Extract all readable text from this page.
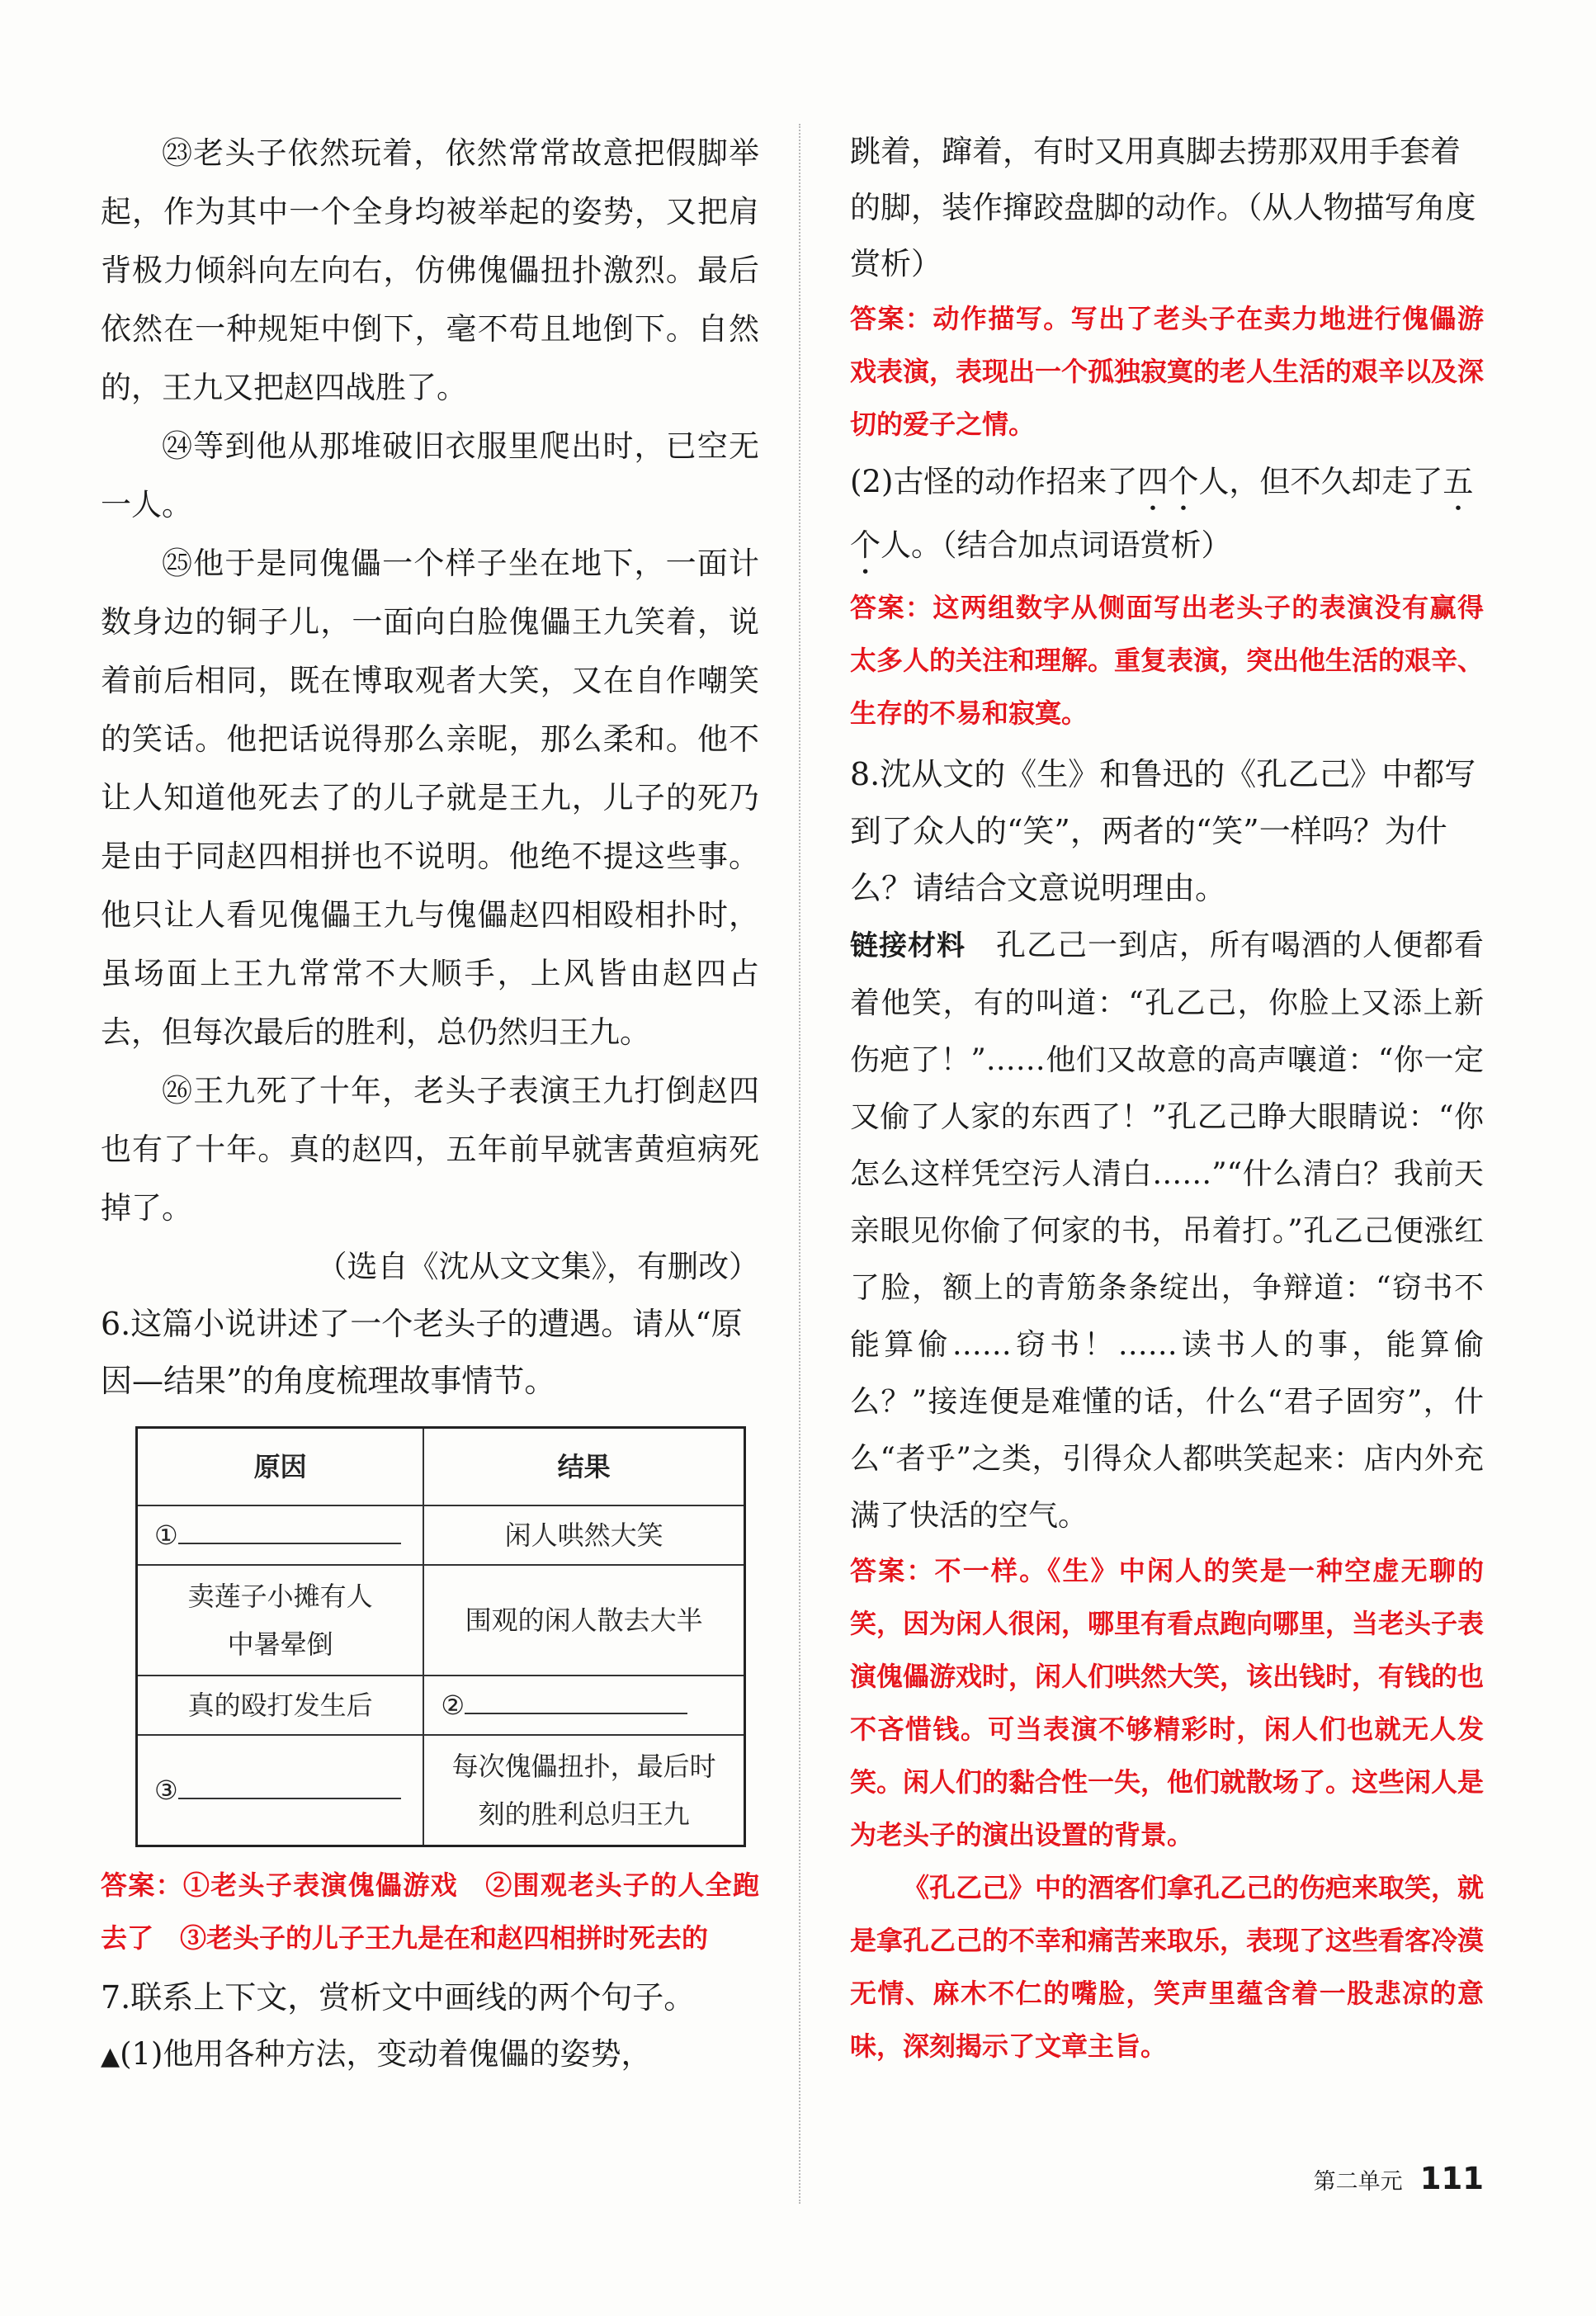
㉓老头子依然玩着，依然常常故意把假脚举起，作为其中一个全身均被举起的姿势，又把肩背极力倾斜向左向右，仿佛傀儡扭扑激烈。最后依然在一种规矩中倒下，毫不苟且地倒下。自然的，王九又把赵四战胜了。

㉔等到他从那堆破旧衣服里爬出时，已空无一人。

㉕他于是同傀儡一个样子坐在地下，一面计数身边的铜子儿，一面向白脸傀儡王九笑着，说着前后相同，既在博取观者大笑，又在自作嘲笑的笑话。他把话说得那么亲昵，那么柔和。他不让人知道他死去了的儿子就是王九，儿子的死乃是由于同赵四相拼也不说明。他绝不提这些事。他只让人看见傀儡王九与傀儡赵四相殴相扑时，虽场面上王九常常不大顺手，上风皆由赵四占去，但每次最后的胜利，总仍然归王九。

㉖王九死了十年，老头子表演王九打倒赵四也有了十年。真的赵四，五年前早就害黄疸病死掉了。

（选自《沈从文文集》，有删改）

6.这篇小说讲述了一个老头子的遭遇。请从“原因—结果”的角度梳理故事情节。

原因	结果
①	闲人哄然大笑
卖莲子小摊有人中暑晕倒	围观的闲人散去大半
真的殴打发生后	②
③	每次傀儡扭扑，最后时刻的胜利总归王九

答案：①老头子表演傀儡游戏　②围观老头子的人全跑去了　③老头子的儿子王九是在和赵四相拼时死去的

7.联系上下文，赏析文中画线的两个句子。

▲(1)他用各种方法，变动着傀儡的姿势，

跳着，蹿着，有时又用真脚去捞那双用手套着的脚，装作撺跤盘脚的动作。（从人物描写角度赏析）

答案：动作描写。写出了老头子在卖力地进行傀儡游戏表演，表现出一个孤独寂寞的老人生活的艰辛以及深切的爱子之情。

(2)古怪的动作招来了四个人，但不久却走了五个人。（结合加点词语赏析）

答案：这两组数字从侧面写出老头子的表演没有赢得太多人的关注和理解。重复表演，突出他生活的艰辛、生存的不易和寂寞。

8.沈从文的《生》和鲁迅的《孔乙己》中都写到了众人的“笑”，两者的“笑”一样吗？为什么？请结合文意说明理由。

链接材料　 孔乙己一到店，所有喝酒的人便都看着他笑，有的叫道：“孔乙己，你脸上又添上新伤疤了！”……他们又故意的高声嚷道：“你一定又偷了人家的东西了！”孔乙己睁大眼睛说：“你怎么这样凭空污人清白……”“什么清白？我前天亲眼见你偷了何家的书，吊着打。”孔乙己便涨红了脸，额上的青筋条条绽出，争辩道：“窃书不能算偷……窃书！……读书人的事，能算偷么？”接连便是难懂的话，什么“君子固穷”，什么“者乎”之类，引得众人都哄笑起来：店内外充满了快活的空气。

答案：不一样。《生》中闲人的笑是一种空虚无聊的笑，因为闲人很闲，哪里有看点跑向哪里，当老头子表演傀儡游戏时，闲人们哄然大笑，该出钱时，有钱的也不吝惜钱。可当表演不够精彩时，闲人们也就无人发笑。闲人们的黏合性一失，他们就散场了。这些闲人是为老头子的演出设置的背景。

《孔乙己》中的酒客们拿孔乙己的伤疤来取笑，就是拿孔乙己的不幸和痛苦来取乐，表现了这些看客冷漠无情、麻木不仁的嘴脸，笑声里蕴含着一股悲凉的意味，深刻揭示了文章主旨。

第二单元 111
